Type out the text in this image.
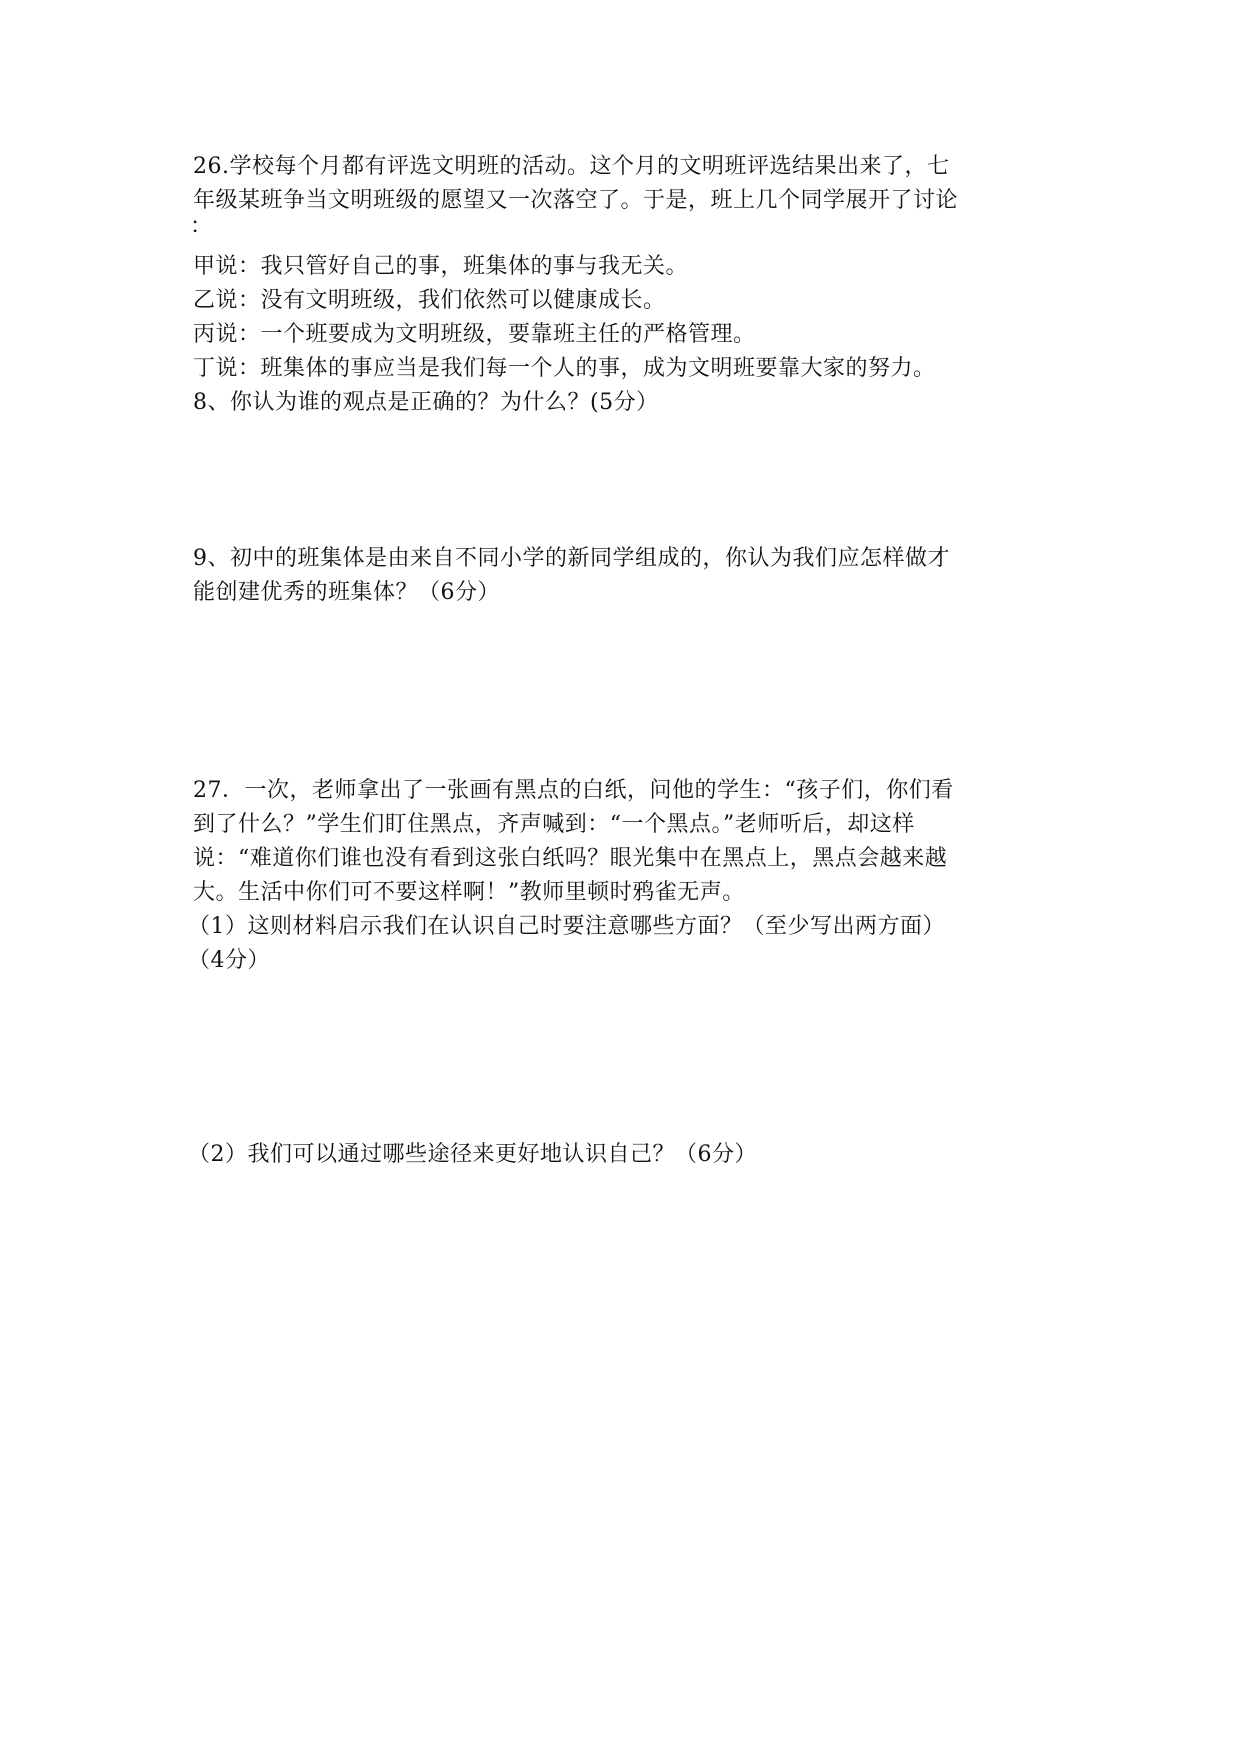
26.学校每个月都有评选文明班的活动。这个月的文明班评选结果出来了，七
年级某班争当文明班级的愿望又一次落空了。于是，班上几个同学展开了讨论
：
甲说：我只管好自己的事，班集体的事与我无关。
乙说：没有文明班级，我们依然可以健康成长。
丙说：一个班要成为文明班级，要靠班主任的严格管理。
丁说：班集体的事应当是我们每一个人的事，成为文明班要靠大家的努力。
8、你认为谁的观点是正确的？为什么？(5分）
9、初中的班集体是由来自不同小学的新同学组成的，你认为我们应怎样做才
能创建优秀的班集体？（6分）
27．一次，老师拿出了一张画有黑点的白纸，问他的学生：“孩子们，你们看
到了什么？”学生们盯住黑点，齐声喊到：“一个黑点。”老师听后，却这样
说：“难道你们谁也没有看到这张白纸吗？眼光集中在黑点上，黑点会越来越
大。生活中你们可不要这样啊！”教师里顿时鸦雀无声。
（1）这则材料启示我们在认识自己时要注意哪些方面？（至少写出两方面）
（4分）
（2）我们可以通过哪些途径来更好地认识自己？（6分）
